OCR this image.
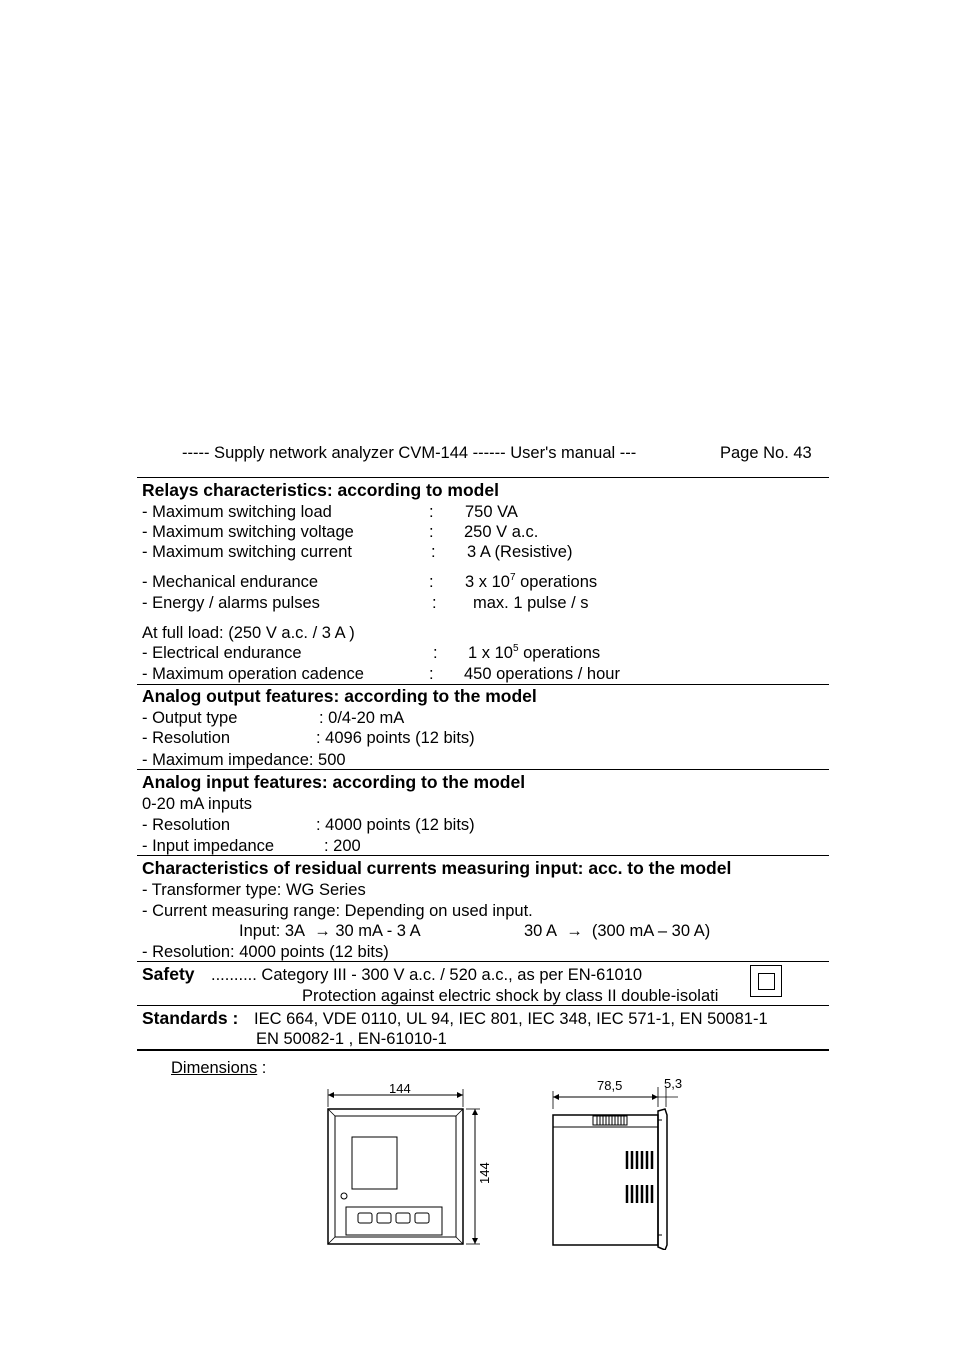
----- Supply network analyzer CVM-144 ------ User's manual ---	Page No. 43
Relays characteristics: according to model
- Maximum switching load	: 750 VA
- Maximum switching voltage	: 250 V a.c.
- Maximum switching current	: 3 A (Resistive)
- Mechanical endurance	: 3 x $10^7$ operations
- Energy / alarms pulses	: max. 1 pulse / s
At full load: (250 V a.c. / 3 A )
- Electrical endurance	: 1 x $10^5$ operations
- Maximum operation cadence	: 450 operations / hour
Analog output features: according to the model
- Output type	: 0/4-20 mA
- Resolution	: 4096 points (12 bits)
- Maximum impedance: 500
Analog input features: according to the model
0-20 mA inputs
- Resolution	: 4000 points (12 bits)
- Input impedance	: 200
Characteristics of residual currents measuring input: acc. to the model
- Transformer type: WG Series
- Current measuring range: Depending on used input.
Input: 3A → 30 mA - 3 A	30 A → (300 mA – 30 A)
- Resolution: 4000 points (12 bits)
Safety .......... Category III - 300 V a.c. / 520 a.c., as per EN-61010
Protection against electric shock by class II double-isolati
Standards : IEC 664, VDE 0110, UL 94, IEC 801, IEC 348, IEC 571-1, EN 50081-1
EN 50082-1 , EN-61010-1
Dimensions :
144
144
78,5	5,3
